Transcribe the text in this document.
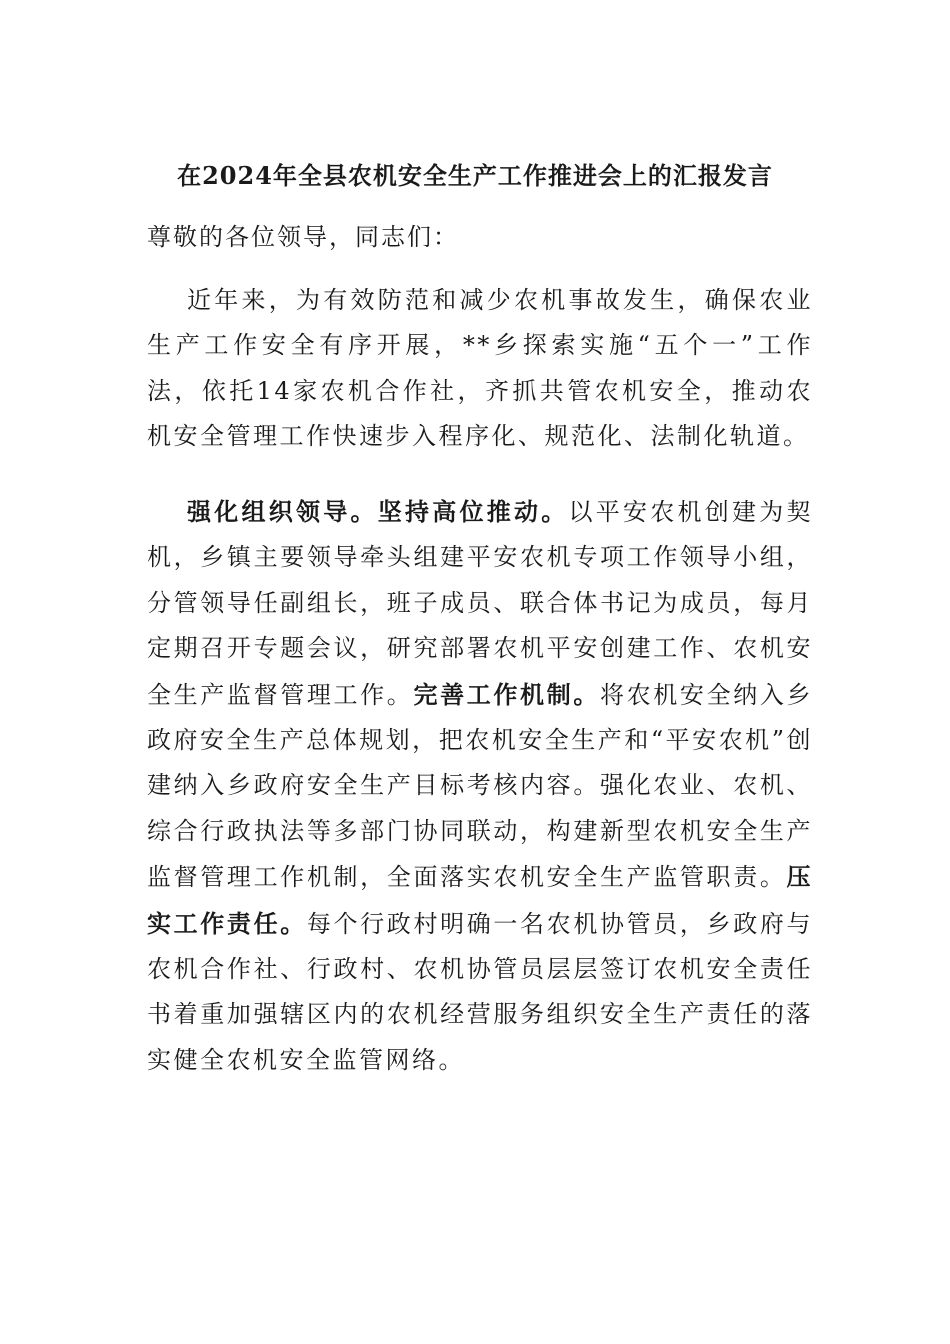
在2024年全县农机安全生产工作推进会上的汇报发言
尊敬的各位领导，同志们：
近年来，为有效防范和减少农机事故发生，确保农业生产工作安全有序开展，**乡探索实施“五个一”工作法，依托14家农机合作社，齐抓共管农机安全，推动农机安全管理工作快速步入程序化、规范化、法制化轨道。
强化组织领导。坚持高位推动。以平安农机创建为契机，乡镇主要领导牵头组建平安农机专项工作领导小组，分管领导任副组长，班子成员、联合体书记为成员，每月定期召开专题会议，研究部署农机平安创建工作、农机安全生产监督管理工作。完善工作机制。将农机安全纳入乡政府安全生产总体规划，把农机安全生产和“平安农机”创建纳入乡政府安全生产目标考核内容。强化农业、农机、综合行政执法等多部门协同联动，构建新型农机安全生产监督管理工作机制，全面落实农机安全生产监管职责。压实工作责任。每个行政村明确一名农机协管员，乡政府与农机合作社、行政村、农机协管员层层签订农机安全责任书着重加强辖区内的农机经营服务组织安全生产责任的落实健全农机安全监管网络。
